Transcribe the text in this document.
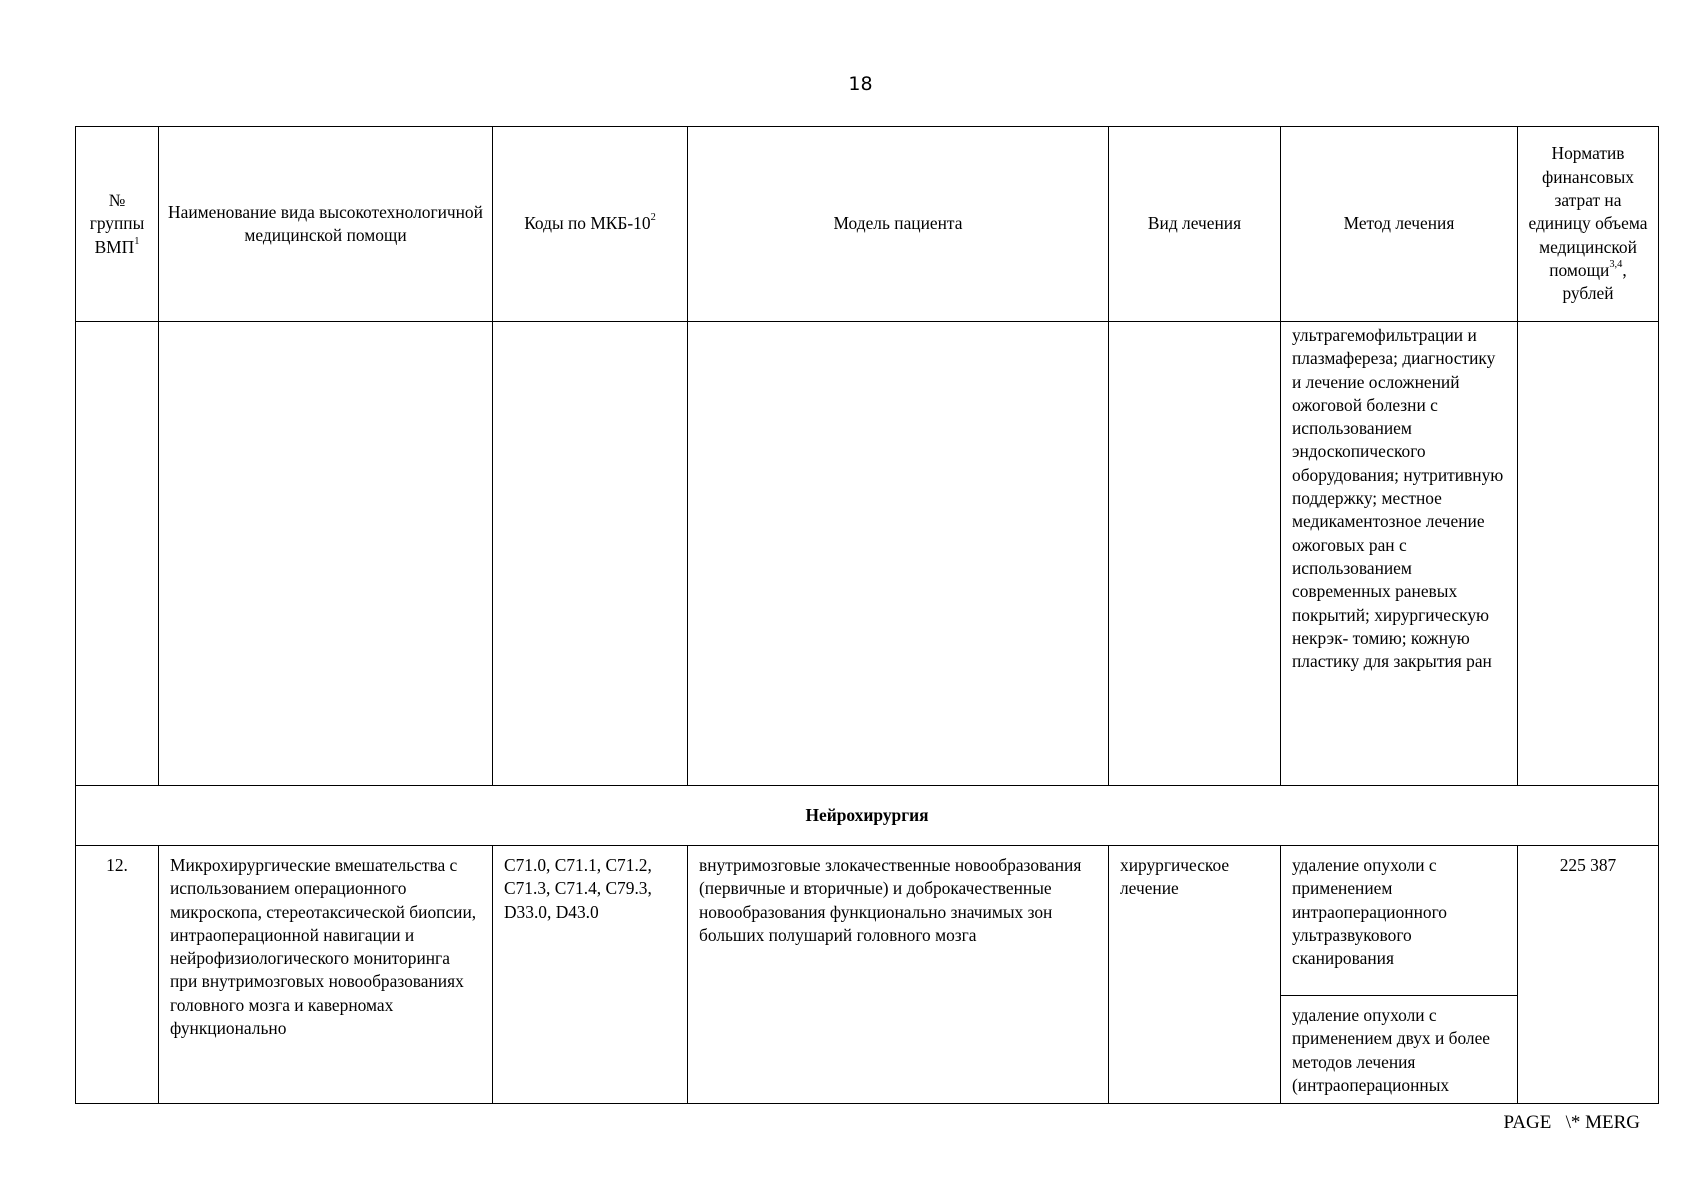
18
№ группы ВМП$^1$	Наименование вида высокотехнологичной медицинской помощи	Коды по МКБ-$10^2$	Модель пациента	Вид лечения	Метод лечения	Норматив финансовых затрат на единицу объема медицинской помощи$^{3,4}$, рублей

					ультрагемофильтрации и плазмафереза; диагностику и лечение осложнений ожоговой болезни с использованием эндоскопического оборудования; нутритивную поддержку; местное медикаментозное лечение ожоговых ран с использованием современных раневых покрытий; хирургическую некрэк- томию; кожную пластику для закрытия ран	

Нейрохирургия						

12.	Микрохирургические вмешательства с использованием операционного микроскопа, стереотаксической биопсии, интраоперационной навигации и нейрофизиологического мониторинга при внутримозговых новообразованиях головного мозга и каверномах функционально	C71.0, C71.1, C71.2, C71.3, C71.4, C79.3, D33.0, D43.0	внутримозговые злокачественные новообразования (первичные и вторичные) и доброкачественные новообразования функционально значимых зон больших полушарий головного мозга	хирургическое лечение	удаление опухоли с применением интраоперационного ультразвукового сканирования	225 387

					удаление опухоли с применением двух и более методов лечения (интраоперационных	
PAGE   \* MERG
